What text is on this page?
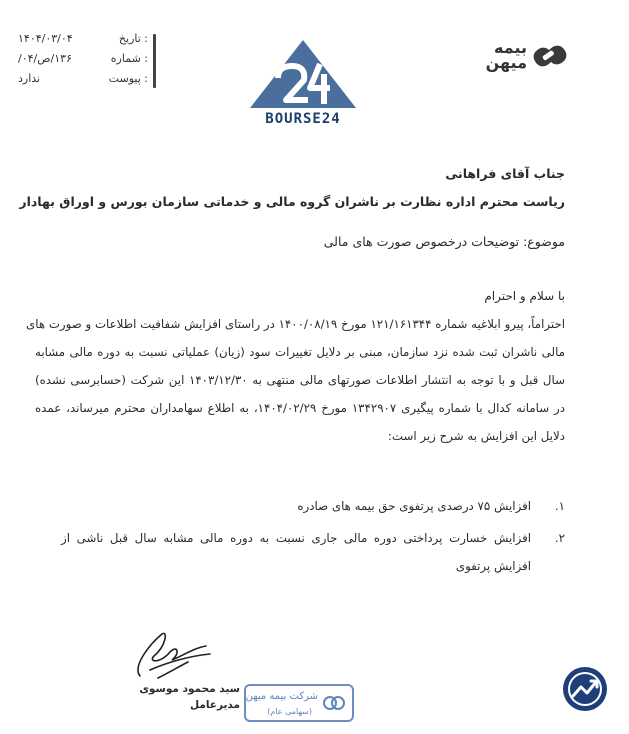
تاریخ :
۱۴۰۴/۰۳/۰۴
شماره :
۱۳۶/ص/۰۴/
پیوست :
ندارد
BOURSE24
بیمه
میهن
جناب آقای فراهانی
ریاست محترم اداره نظارت بر ناشران گروه مالی و خدماتی سازمان بورس و اوراق بهادار
موضوع: توضیحات درخصوص صورت های مالی
با سلام و احترام
احتراماً، پیرو ابلاغیه شماره ۱۲۱/۱۶۱۳۴۴ مورخ ۱۴۰۰/۰۸/۱۹ در راستای افزایش شفافیت اطلاعات و صورت های
مالی ناشران ثبت شده نزد سازمان، مبنی بر دلایل تغییرات سود (زیان) عملیاتی نسبت به دوره مالی مشابه
سال قبل و با توجه به انتشار اطلاعات صورتهای مالی منتهی به ۱۴۰۳/۱۲/۳۰ این شرکت (حسابرسی نشده)
در سامانه کدال با شماره پیگیری ۱۳۴۲۹۰۷ مورخ ۱۴۰۴/۰۲/۲۹، به اطلاع سهامداران محترم میرساند، عمده
دلایل این افزایش به شرح زیر است:
۱.
افزایش ۷۵ درصدی پرتفوی حق بیمه های صادره
۲.
افزایش خسارت پرداختی دوره مالی جاری نسبت به دوره مالی مشابه سال قبل ناشی از افزایش پرتفوی
سید محمود موسوی
مدیرعامل
شرکت بیمه میهن
(سهامی عام)
